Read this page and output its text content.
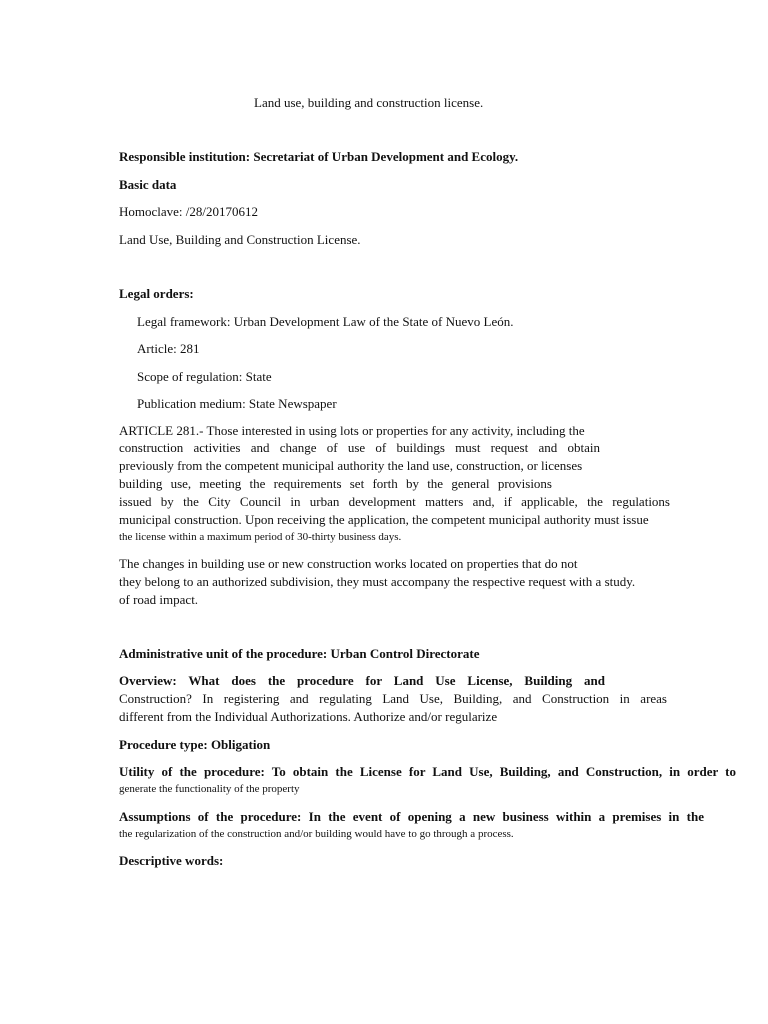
Land use, building and construction license.
Responsible institution: Secretariat of Urban Development and Ecology.
Basic data
Homoclave: /28/20170612
Land Use, Building and Construction License.
Legal orders:
Legal framework: Urban Development Law of the State of Nuevo León.
Article: 281
Scope of regulation: State
Publication medium: State Newspaper
ARTICLE 281.- Those interested in using lots or properties for any activity, including the
construction activities and change of use of buildings must request and obtain
previously from the competent municipal authority the land use, construction, or licenses
building use, meeting the requirements set forth by the general provisions
issued by the City Council in urban development matters and, if applicable, the regulations
municipal construction. Upon receiving the application, the competent municipal authority must issue
the license within a maximum period of 30-thirty business days.
The changes in building use or new construction works located on properties that do not
they belong to an authorized subdivision, they must accompany the respective request with a study.
of road impact.
Administrative unit of the procedure: Urban Control Directorate
Overview: What does the procedure for Land Use License, Building and
Construction? In registering and regulating Land Use, Building, and Construction in areas
different from the Individual Authorizations. Authorize and/or regularize
Procedure type: Obligation
Utility of the procedure: To obtain the License for Land Use, Building, and Construction, in order to
generate the functionality of the property
Assumptions of the procedure: In the event of opening a new business within a premises in the
the regularization of the construction and/or building would have to go through a process.
Descriptive words:
